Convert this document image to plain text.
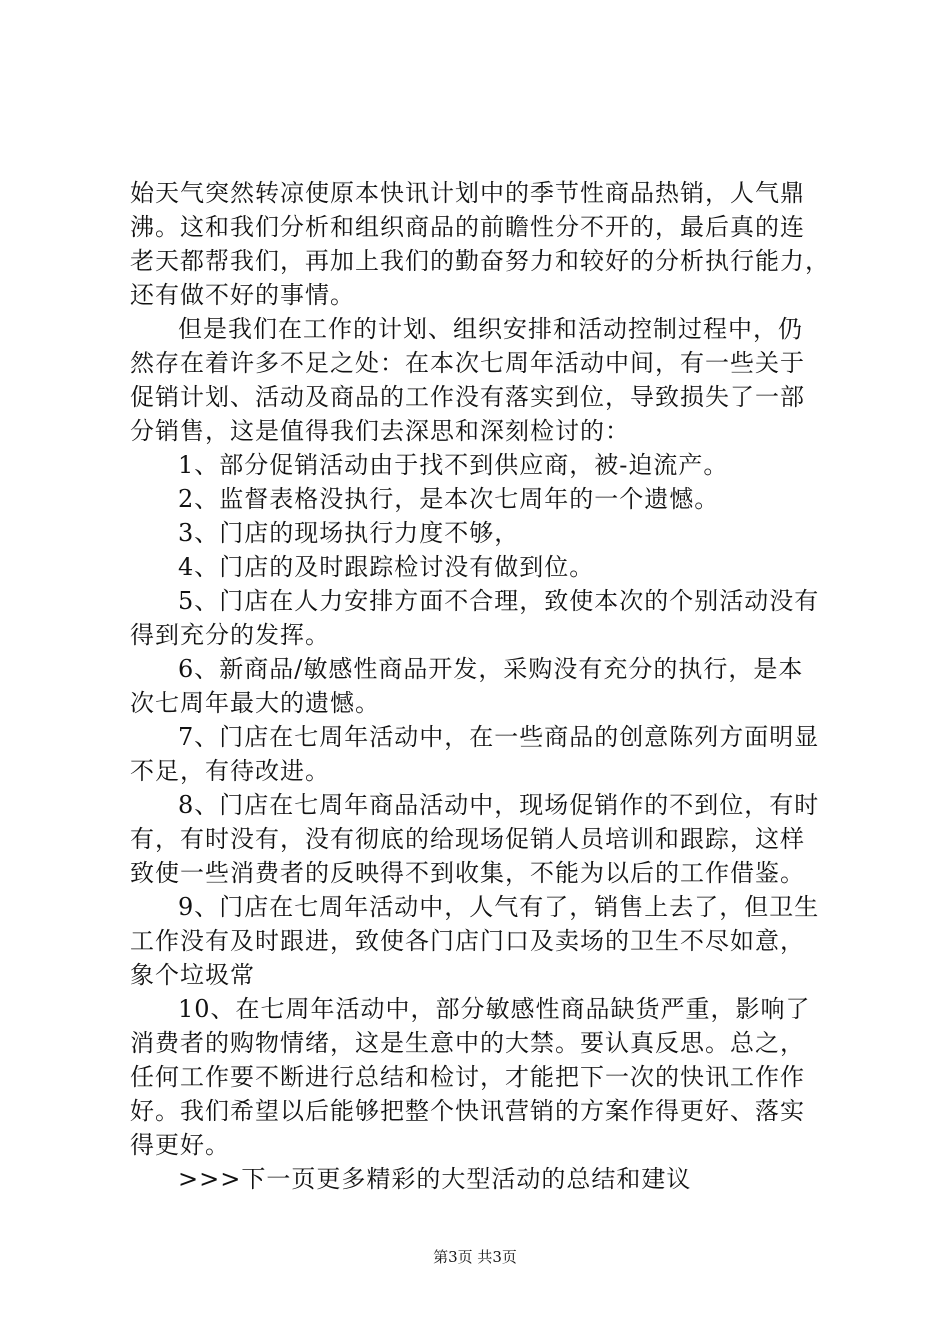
始天气突然转凉使原本快讯计划中的季节性商品热销，人气鼎
沸。这和我们分析和组织商品的前瞻性分不开的，最后真的连
老天都帮我们，再加上我们的勤奋努力和较好的分析执行能力，
还有做不好的事情。
但是我们在工作的计划、组织安排和活动控制过程中，仍
然存在着许多不足之处：在本次七周年活动中间，有一些关于
促销计划、活动及商品的工作没有落实到位，导致损失了一部
分销售，这是值得我们去深思和深刻检讨的：
1、部分促销活动由于找不到供应商，被-迫流产。
2、监督表格没执行，是本次七周年的一个遗憾。
3、门店的现场执行力度不够，
4、门店的及时跟踪检讨没有做到位。
5、门店在人力安排方面不合理，致使本次的个别活动没有
得到充分的发挥。
6、新商品/敏感性商品开发，采购没有充分的执行，是本
次七周年最大的遗憾。
7、门店在七周年活动中，在一些商品的创意陈列方面明显
不足，有待改进。
8、门店在七周年商品活动中，现场促销作的不到位，有时
有，有时没有，没有彻底的给现场促销人员培训和跟踪，这样
致使一些消费者的反映得不到收集，不能为以后的工作借鉴。
9、门店在七周年活动中，人气有了，销售上去了，但卫生
工作没有及时跟进，致使各门店门口及卖场的卫生不尽如意，
象个垃圾常
10、在七周年活动中，部分敏感性商品缺货严重，影响了
消费者的购物情绪，这是生意中的大禁。要认真反思。总之，
任何工作要不断进行总结和检讨，才能把下一次的快讯工作作
好。我们希望以后能够把整个快讯营销的方案作得更好、落实
得更好。
>>>下一页更多精彩的大型活动的总结和建议
第3页 共3页
